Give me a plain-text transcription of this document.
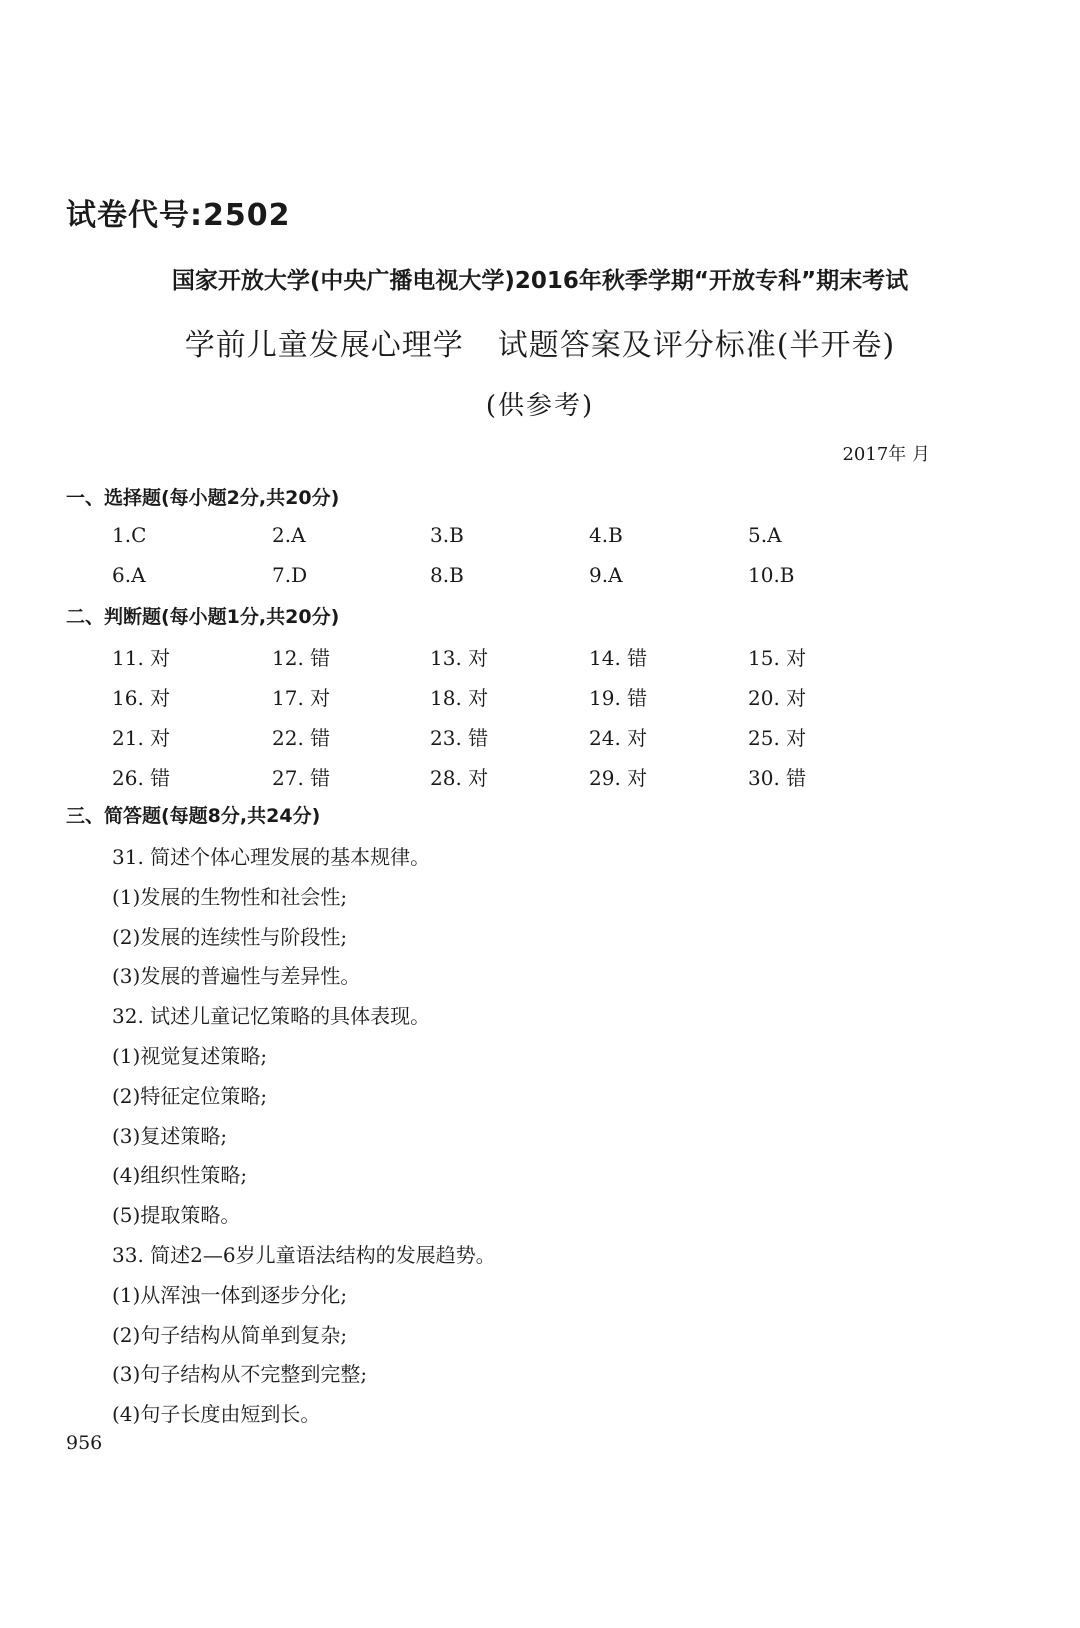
试卷代号:2502
国家开放大学(中央广播电视大学)2016年秋季学期“开放专科”期末考试
学前儿童发展心理学 试题答案及评分标准(半开卷)
(供参考)
2017年 月
一、选择题(每小题2分,共20分)
1.C	2.A	3.B	4.B	5.A
6.A	7.D	8.B	9.A	10.B
二、判断题(每小题1分,共20分)
11. 对	12. 错	13. 对	14. 错	15. 对
16. 对	17. 对	18. 对	19. 错	20. 对
21. 对	22. 错	23. 错	24. 对	25. 对
26. 错	27. 错	28. 对	29. 对	30. 错
三、简答题(每题8分,共24分)
31. 简述个体心理发展的基本规律。
(1)发展的生物性和社会性;
(2)发展的连续性与阶段性;
(3)发展的普遍性与差异性。
32. 试述儿童记忆策略的具体表现。
(1)视觉复述策略;
(2)特征定位策略;
(3)复述策略;
(4)组织性策略;
(5)提取策略。
33. 简述2—6岁儿童语法结构的发展趋势。
(1)从浑浊一体到逐步分化;
(2)句子结构从简单到复杂;
(3)句子结构从不完整到完整;
(4)句子长度由短到长。
956
